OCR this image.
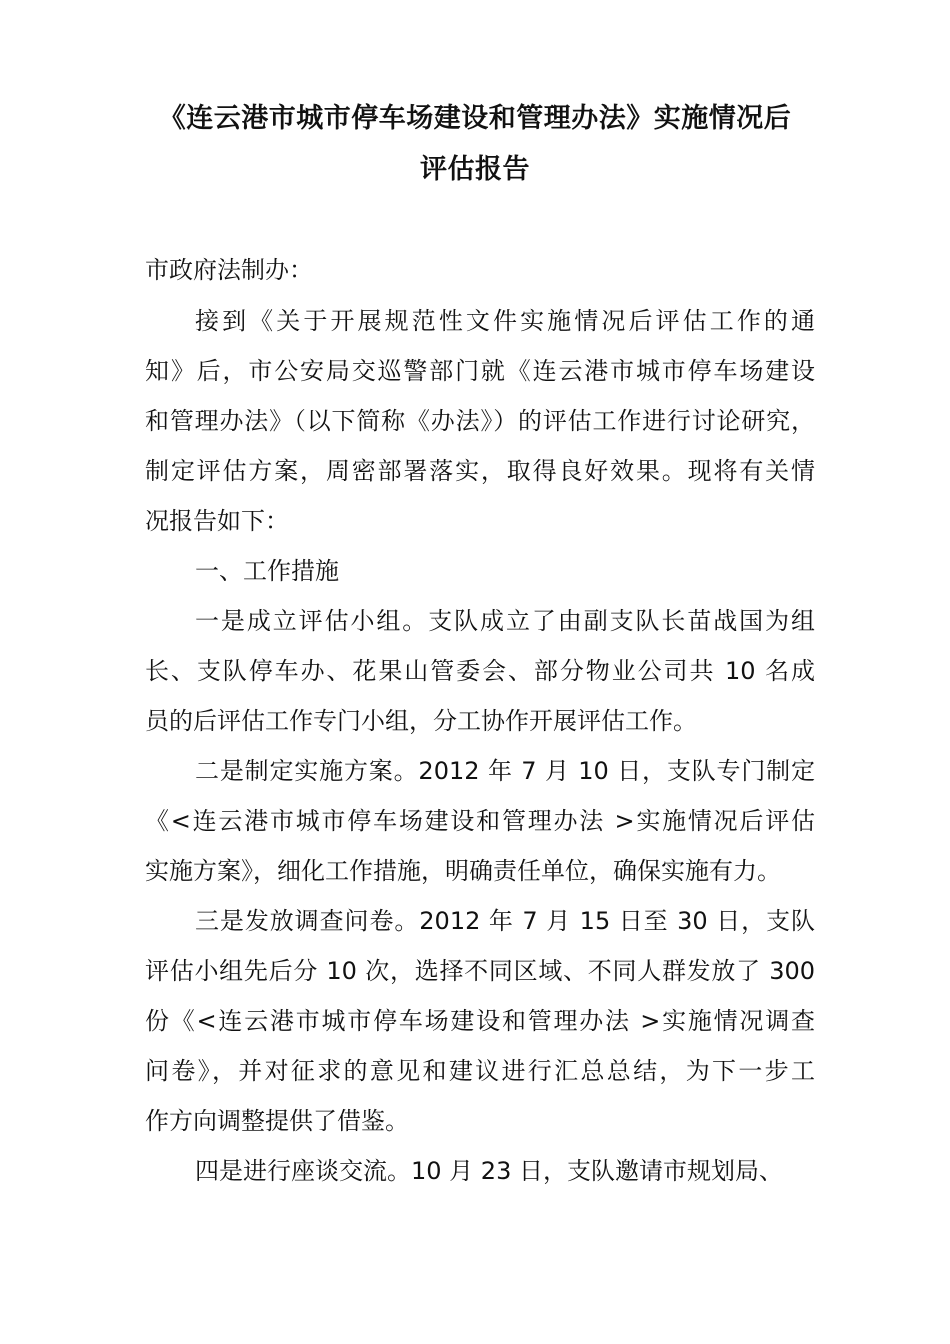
《连云港市城市停车场建设和管理办法》实施情况后
评估报告

市政府法制办：

接到《关于开展规范性文件实施情况后评估工作的通
知》后，市公安局交巡警部门就《连云港市城市停车场建设
和管理办法》（以下简称《办法》）的评估工作进行讨论研究，
制定评估方案，周密部署落实，取得良好效果。现将有关情
况报告如下：

一、工作措施

一是成立评估小组。支队成立了由副支队长苗战国为组
长、支队停车办、花果山管委会、部分物业公司共 10 名成
员的后评估工作专门小组，分工协作开展评估工作。

二是制定实施方案。2012 年 7 月 10 日，支队专门制定
《<连云港市城市停车场建设和管理办法 >实施情况后评估
实施方案》，细化工作措施，明确责任单位，确保实施有力。

三是发放调查问卷。2012 年 7 月 15 日至 30 日，支队
评估小组先后分 10 次，选择不同区域、不同人群发放了 300
份《<连云港市城市停车场建设和管理办法 >实施情况调查
问卷》，并对征求的意见和建议进行汇总总结，为下一步工
作方向调整提供了借鉴。

四是进行座谈交流。10 月 23 日，支队邀请市规划局、
